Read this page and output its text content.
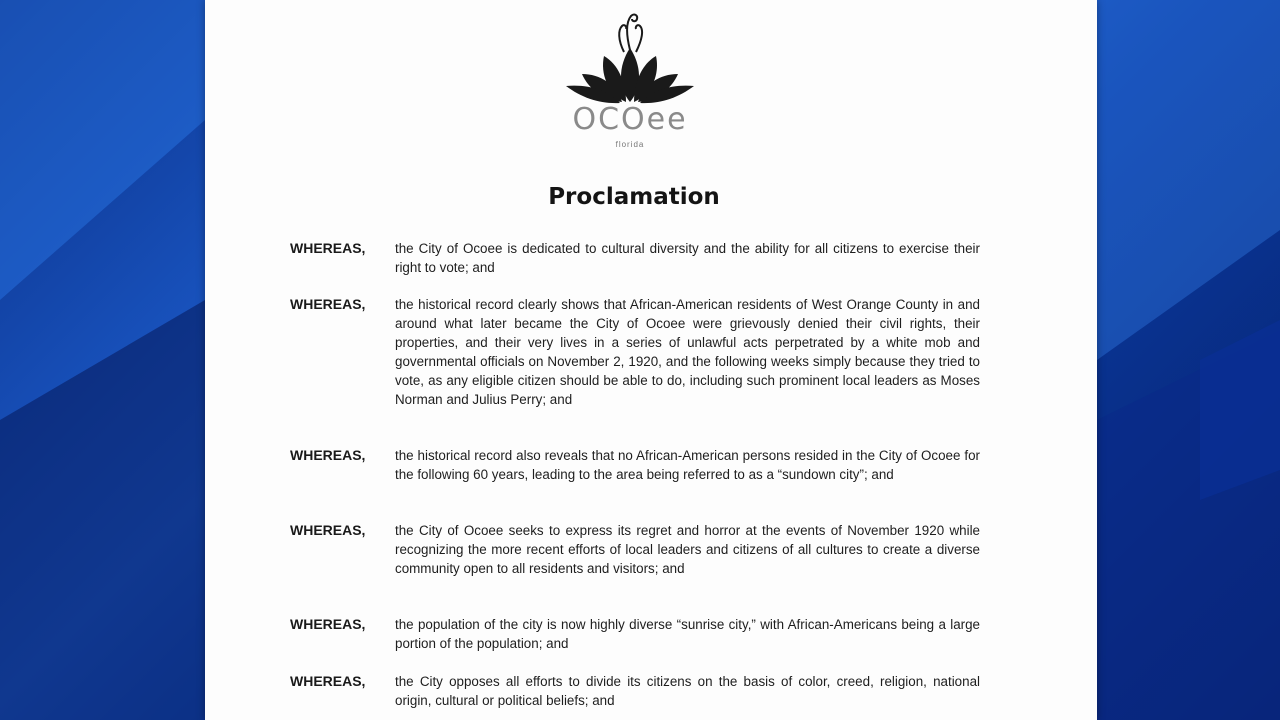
OCOee
florida
Proclamation
WHEREAS, the City of Ocoee is dedicated to cultural diversity and the ability for all citizens to exercise their right to vote; and
WHEREAS, the historical record clearly shows that African-American residents of West Orange County in and around what later became the City of Ocoee were grievously denied their civil rights, their properties, and their very lives in a series of unlawful acts perpetrated by a white mob and governmental officials on November 2, 1920, and the following weeks simply because they tried to vote, as any eligible citizen should be able to do, including such prominent local leaders as Moses Norman and Julius Perry; and
WHEREAS, the historical record also reveals that no African-American persons resided in the City of Ocoee for the following 60 years, leading to the area being referred to as a “sundown city”; and
WHEREAS, the City of Ocoee seeks to express its regret and horror at the events of November 1920 while recognizing the more recent efforts of local leaders and citizens of all cultures to create a diverse community open to all residents and visitors; and
WHEREAS, the population of the city is now highly diverse “sunrise city,” with African-Americans being a large portion of the population; and
WHEREAS, the City opposes all efforts to divide its citizens on the basis of color, creed, religion, national origin, cultural or political beliefs; and
